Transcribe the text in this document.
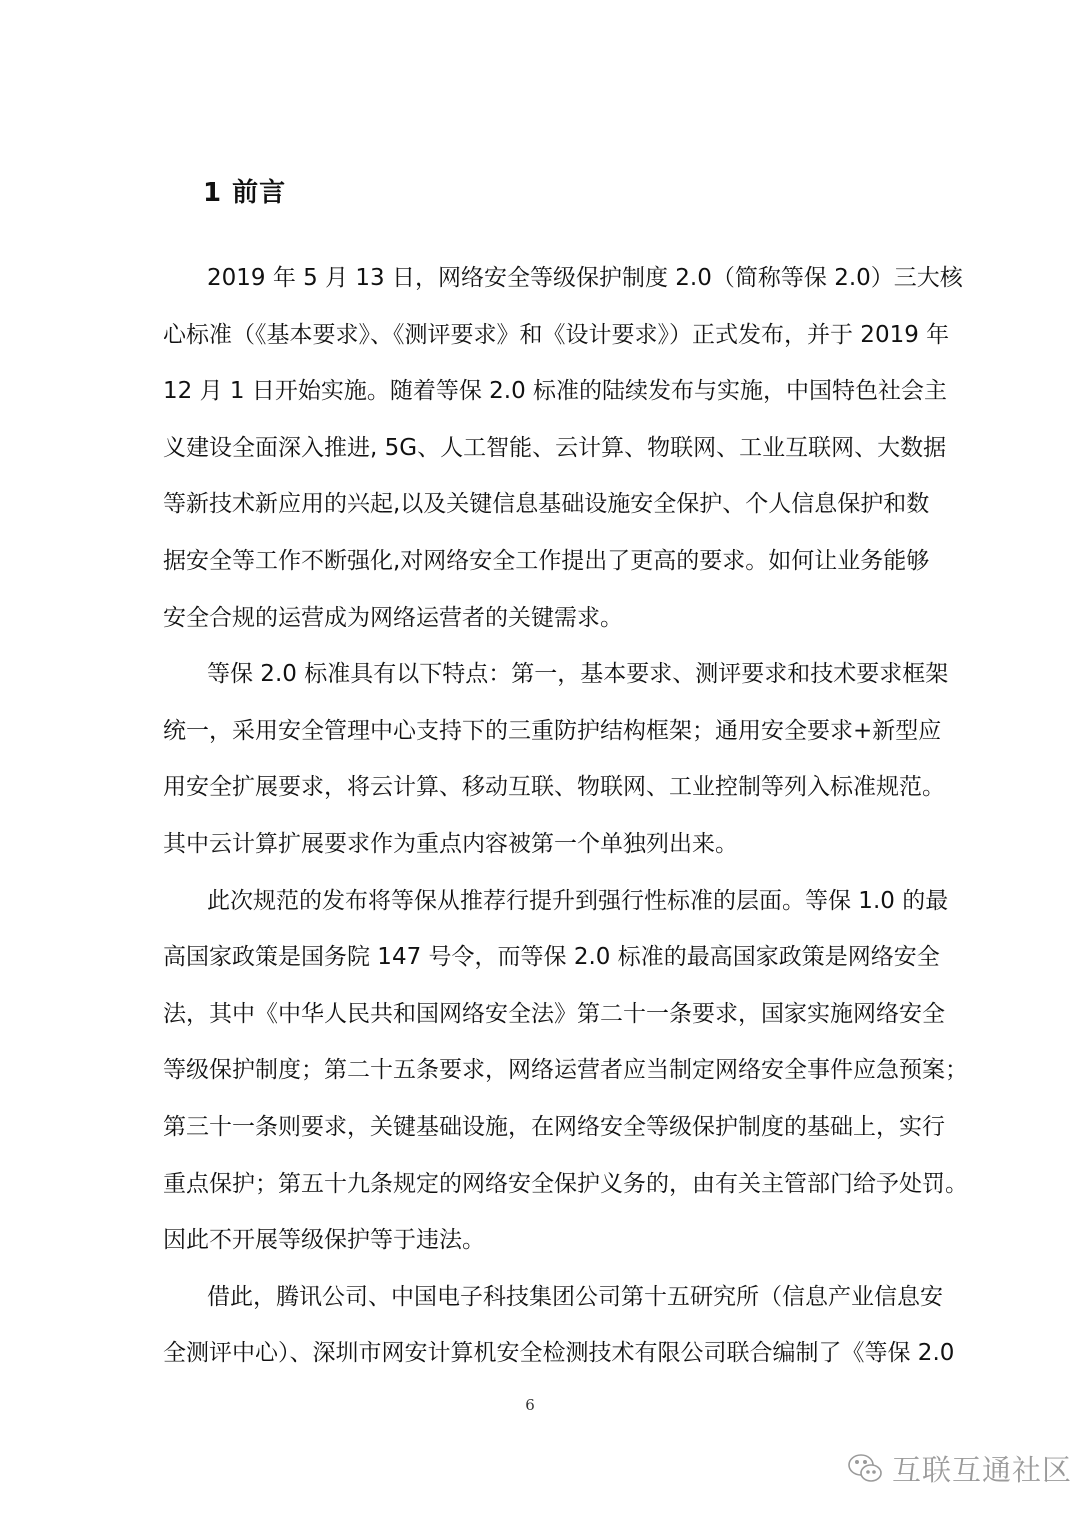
1 前言
2019 年 5 月 13 日，网络安全等级保护制度 2.0（简称等保 2.0）三大核
心标准（《基本要求》、《测评要求》和《设计要求》）正式发布，并于 2019 年
12 月 1 日开始实施。随着等保 2.0 标准的陆续发布与实施，中国特色社会主
义建设全面深入推进, 5G、人工智能、云计算、物联网、工业互联网、大数据
等新技术新应用的兴起,以及关键信息基础设施安全保护、个人信息保护和数
据安全等工作不断强化,对网络安全工作提出了更高的要求。如何让业务能够
安全合规的运营成为网络运营者的关键需求。
等保 2.0 标准具有以下特点：第一，基本要求、测评要求和技术要求框架
统一，采用安全管理中心支持下的三重防护结构框架；通用安全要求+新型应
用安全扩展要求，将云计算、移动互联、物联网、工业控制等列入标准规范。
其中云计算扩展要求作为重点内容被第一个单独列出来。
此次规范的发布将等保从推荐行提升到强行性标准的层面。等保 1.0 的最
高国家政策是国务院 147 号令，而等保 2.0 标准的最高国家政策是网络安全
法，其中《中华人民共和国网络安全法》第二十一条要求，国家实施网络安全
等级保护制度；第二十五条要求，网络运营者应当制定网络安全事件应急预案；
第三十一条则要求，关键基础设施，在网络安全等级保护制度的基础上，实行
重点保护；第五十九条规定的网络安全保护义务的，由有关主管部门给予处罚。
因此不开展等级保护等于违法。
借此，腾讯公司、中国电子科技集团公司第十五研究所（信息产业信息安
全测评中心）、深圳市网安计算机安全检测技术有限公司联合编制了《等保 2.0
6
互联互通社区
